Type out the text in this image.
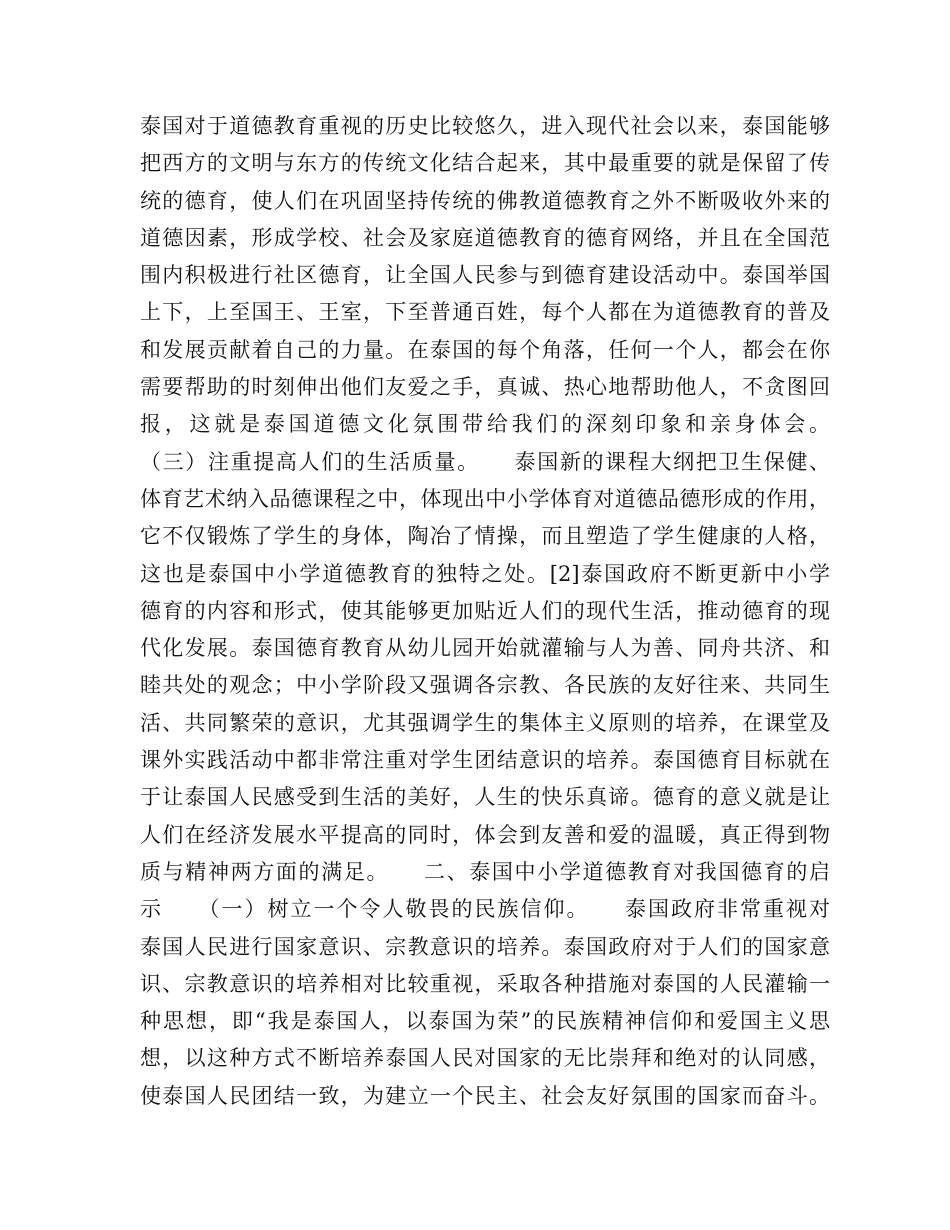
泰国对于道德教育重视的历史比较悠久，进入现代社会以来，泰国能够
把西方的文明与东方的传统文化结合起来，其中最重要的就是保留了传
统的德育，使人们在巩固坚持传统的佛教道德教育之外不断吸收外来的
道德因素，形成学校、社会及家庭道德教育的德育网络，并且在全国范
围内积极进行社区德育，让全国人民参与到德育建设活动中。泰国举国
上下，上至国王、王室，下至普通百姓，每个人都在为道德教育的普及
和发展贡献着自己的力量。在泰国的每个角落，任何一个人，都会在你
需要帮助的时刻伸出他们友爱之手，真诚、热心地帮助他人，不贪图回
报，这就是泰国道德文化氛围带给我们的深刻印象和亲身体会。
（三）注重提高人们的生活质量。　　泰国新的课程大纲把卫生保健、
体育艺术纳入品德课程之中，体现出中小学体育对道德品德形成的作用，
它不仅锻炼了学生的身体，陶冶了情操，而且塑造了学生健康的人格，
这也是泰国中小学道德教育的独特之处。[2]泰国政府不断更新中小学
德育的内容和形式，使其能够更加贴近人们的现代生活，推动德育的现
代化发展。泰国德育教育从幼儿园开始就灌输与人为善、同舟共济、和
睦共处的观念；中小学阶段又强调各宗教、各民族的友好往来、共同生
活、共同繁荣的意识，尤其强调学生的集体主义原则的培养，在课堂及
课外实践活动中都非常注重对学生团结意识的培养。泰国德育目标就在
于让泰国人民感受到生活的美好，人生的快乐真谛。德育的意义就是让
人们在经济发展水平提高的同时，体会到友善和爱的温暖，真正得到物
质与精神两方面的满足。　　二、泰国中小学道德教育对我国德育的启
示　　（一）树立一个令人敬畏的民族信仰。　　泰国政府非常重视对
泰国人民进行国家意识、宗教意识的培养。泰国政府对于人们的国家意
识、宗教意识的培养相对比较重视，采取各种措施对泰国的人民灌输一
种思想，即“我是泰国人，以泰国为荣”的民族精神信仰和爱国主义思
想，以这种方式不断培养泰国人民对国家的无比崇拜和绝对的认同感，
使泰国人民团结一致，为建立一个民主、社会友好氛围的国家而奋斗。
